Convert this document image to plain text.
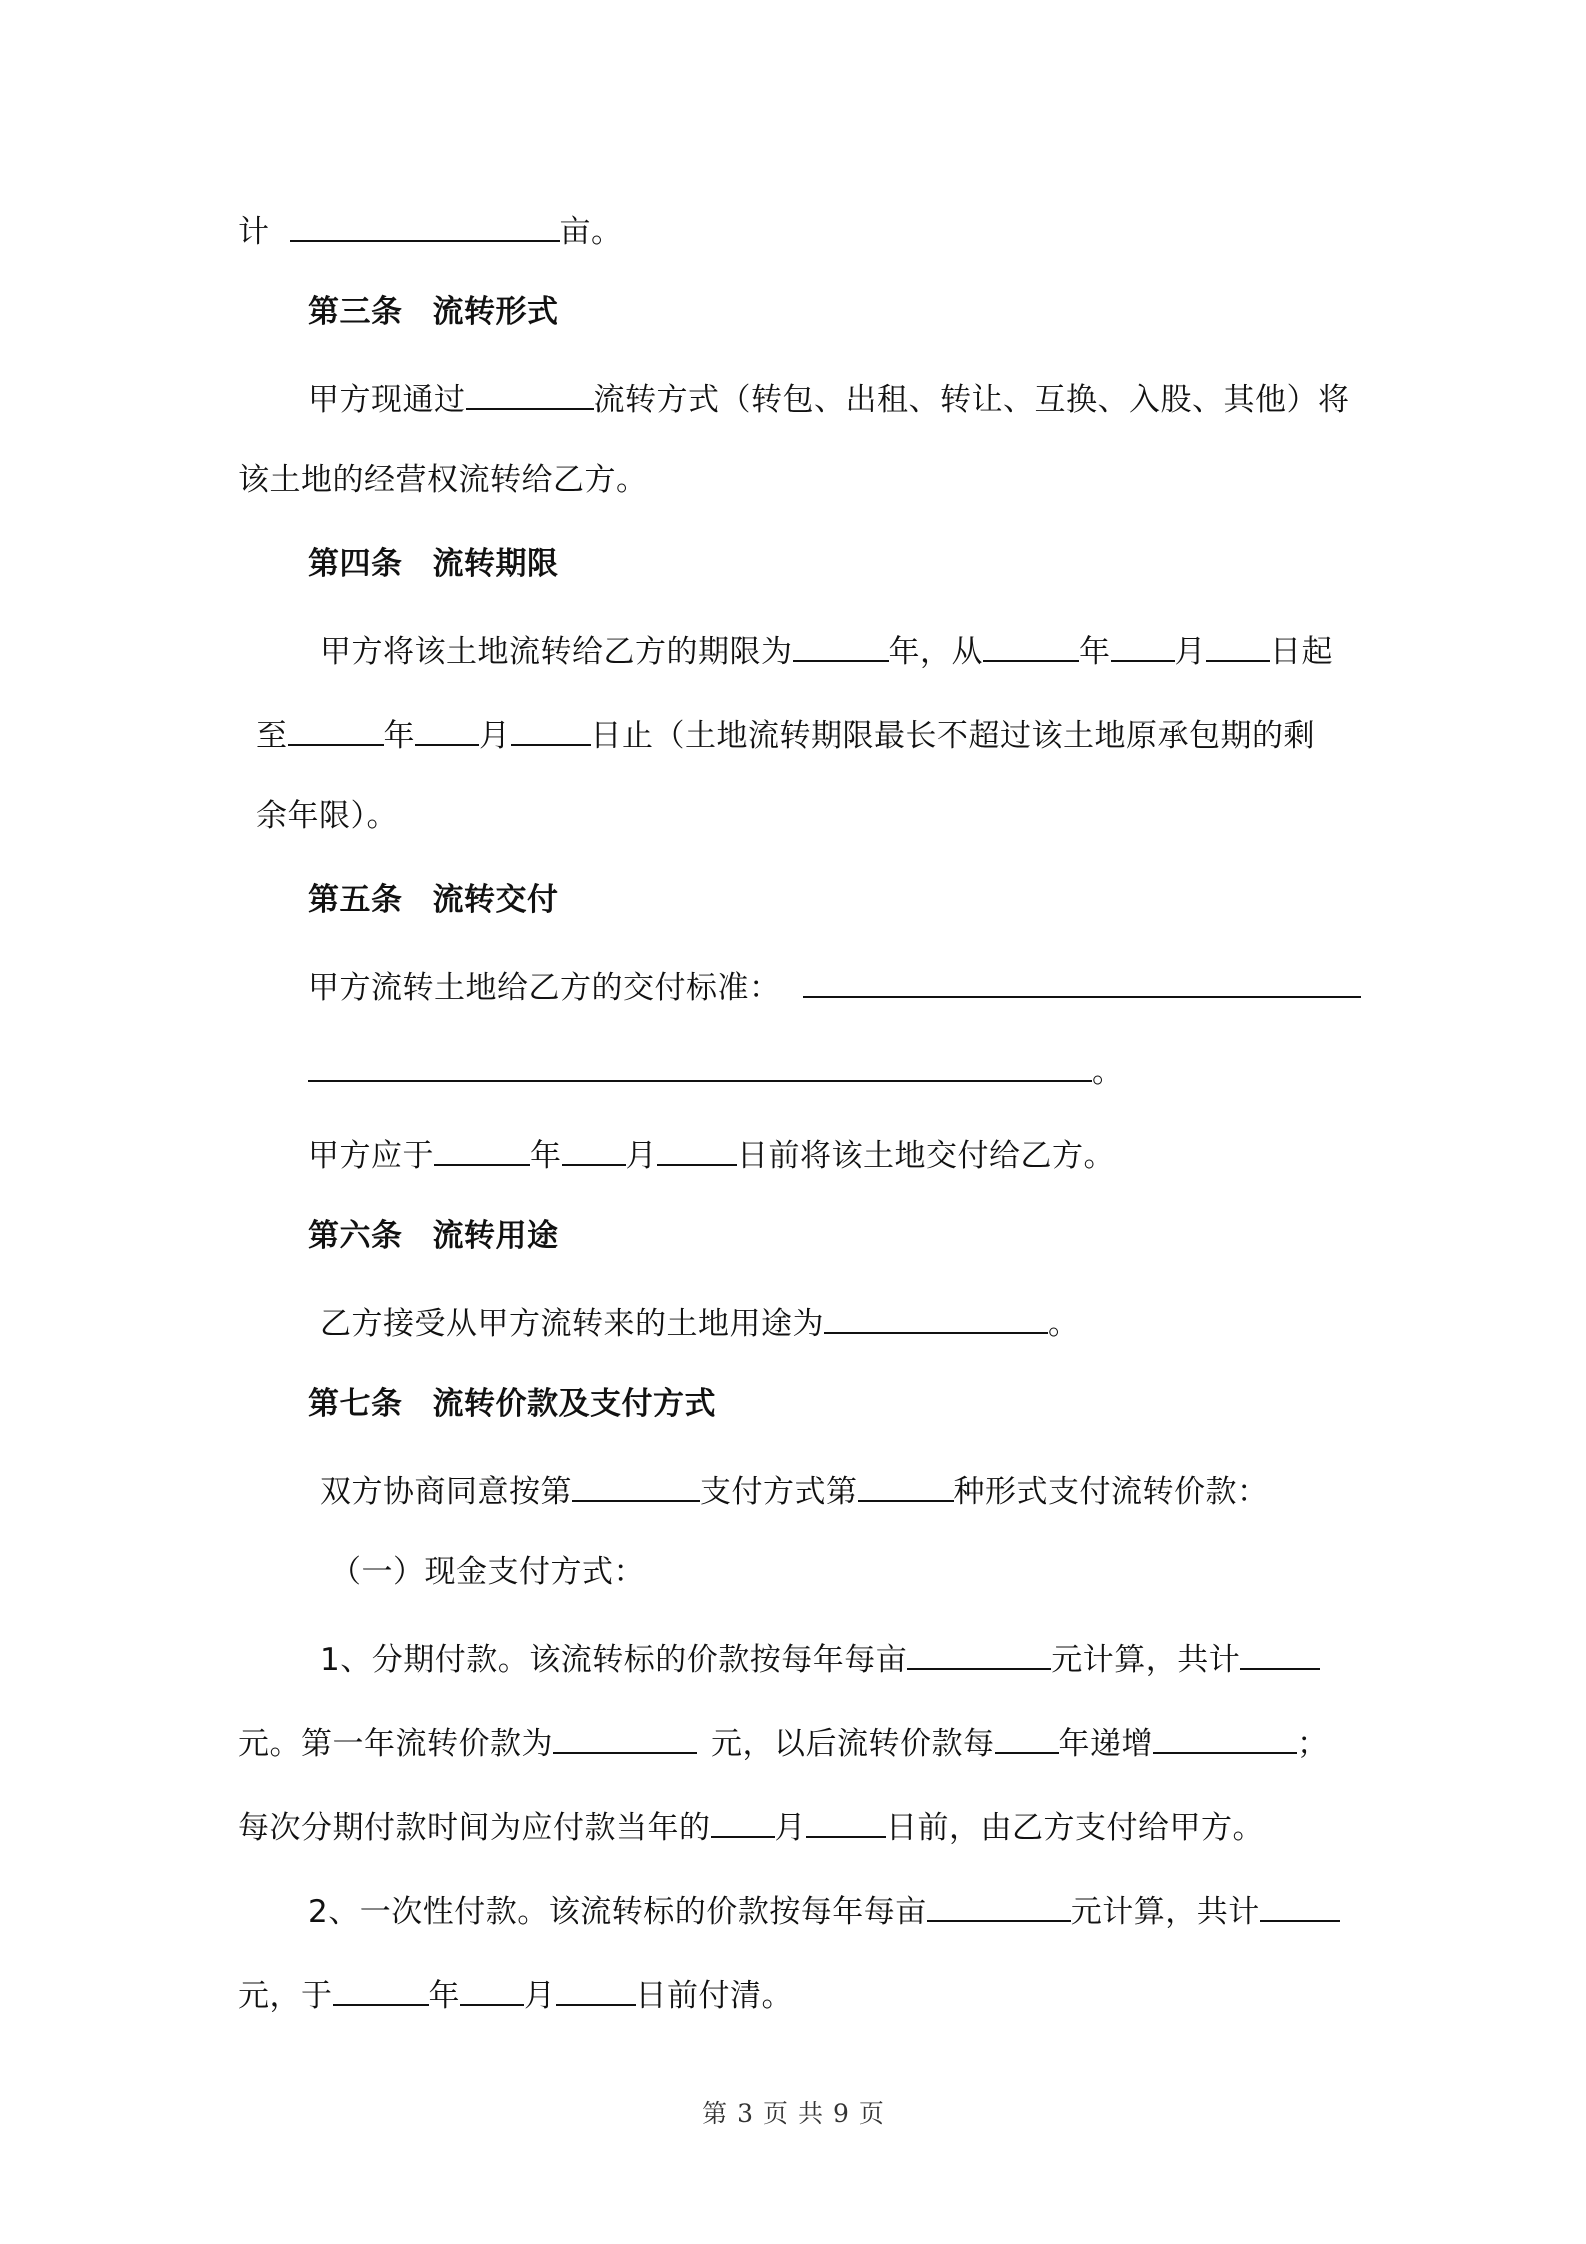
计	亩。
第三条 流转形式
甲方现通过	流转方式（转包、出租、转让、互换、入股、其他）将
该土地的经营权流转给乙方。
第四条 流转期限
甲方将该土地流转给乙方的期限为	年，从	年 月 日起
至	年 月	日止（土地流转期限最长不超过该土地原承包期的剩
余年限）。
第五条 流转交付
甲方流转土地给乙方的交付标准：
。
甲方应于	年 月	日前将该土地交付给乙方。
第六条 流转用途
乙方接受从甲方流转来的土地用途为	。
第七条 流转价款及支付方式
双方协商同意按第	支付方式第	种形式支付流转价款：
（一）现金支付方式：
1、分期付款。该流转标的价款按每年每亩	元计算，共计
元。第一年流转价款为	元，以后流转价款每 年递增	；
每次分期付款时间为应付款当年的 月	日前，由乙方支付给甲方。
2、一次性付款。该流转标的价款按每年每亩	元计算，共计
元，于	年 月	日前付清。
第 3 页 共 9 页
